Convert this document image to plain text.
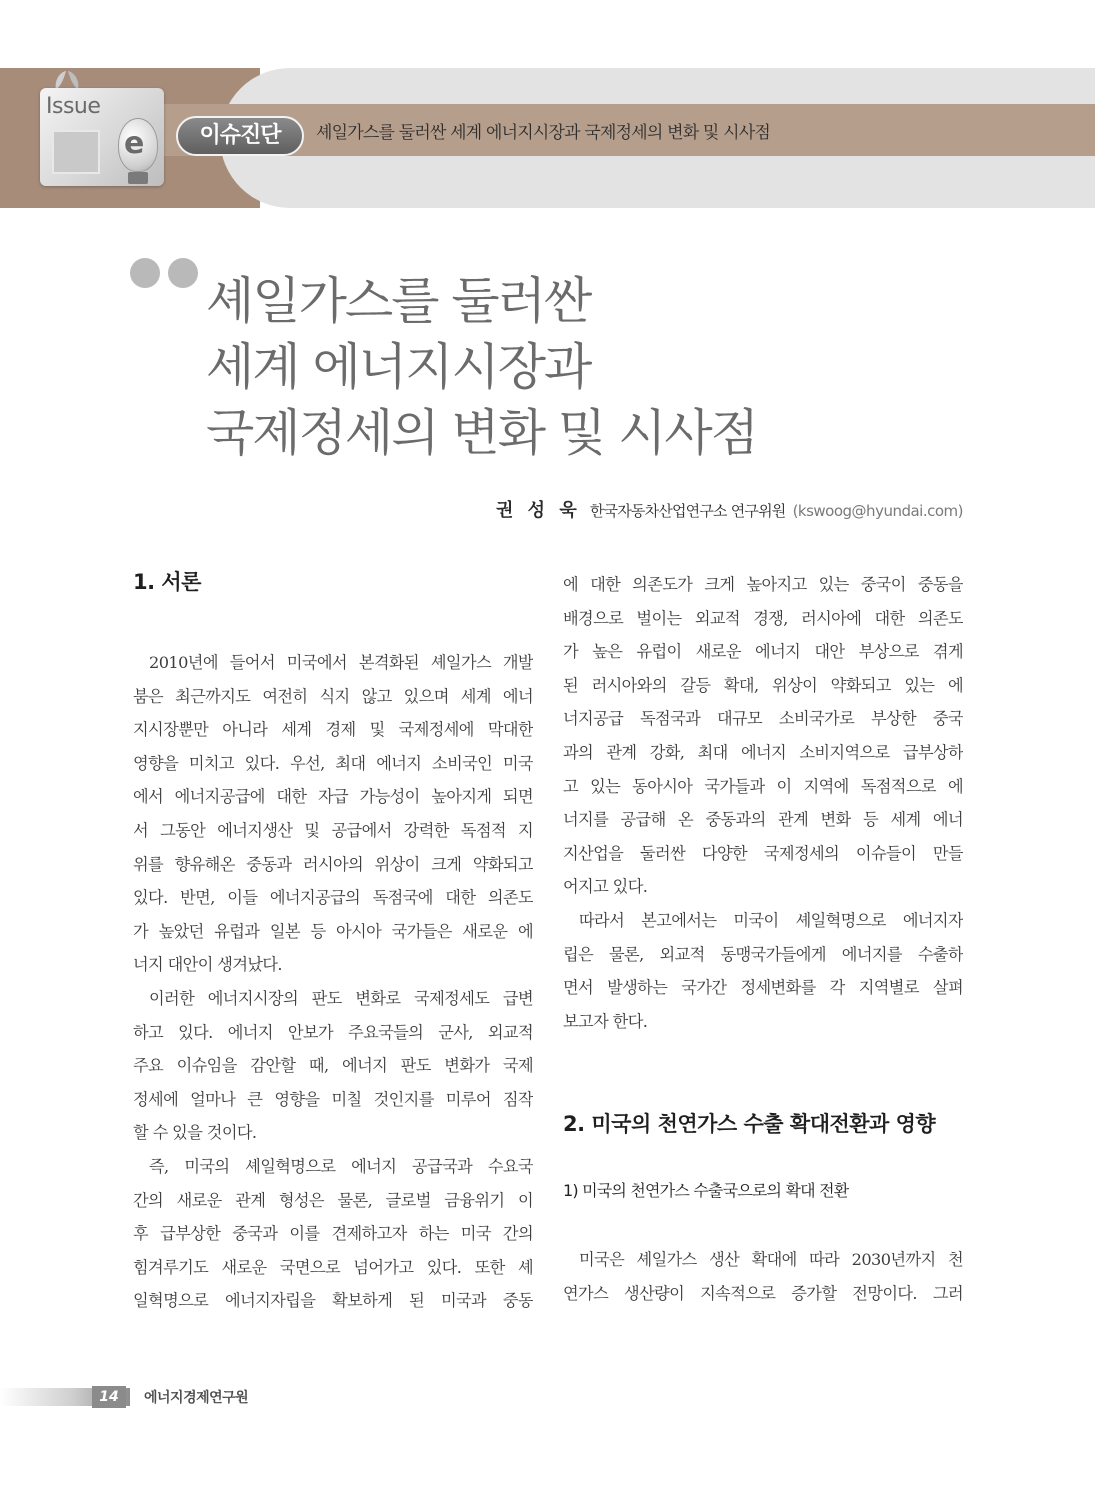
Issue
e	이슈진단	셰일가스를 둘러싼 세계 에너지시장과 국제정세의 변화 및 시사점
셰일가스를 둘러싼
세계 에너지시장과
국제정세의 변화 및 시사점
권 성 욱 한국자동차산업연구소 연구위원 (kswoog@hyundai.com)
1. 서론
2010년에 들어서 미국에서 본격화된 셰일가스 개발
붐은 최근까지도 여전히 식지 않고 있으며 세계 에너
지시장뿐만 아니라 세계 경제 및 국제정세에 막대한
영향을 미치고 있다. 우선, 최대 에너지 소비국인 미국
에서 에너지공급에 대한 자급 가능성이 높아지게 되면
서 그동안 에너지생산 및 공급에서 강력한 독점적 지
위를 향유해온 중동과 러시아의 위상이 크게 약화되고
있다. 반면, 이들 에너지공급의 독점국에 대한 의존도
가 높았던 유럽과 일본 등 아시아 국가들은 새로운 에
너지 대안이 생겨났다.
이러한 에너지시장의 판도 변화로 국제정세도 급변
하고 있다. 에너지 안보가 주요국들의 군사, 외교적
주요 이슈임을 감안할 때, 에너지 판도 변화가 국제
정세에 얼마나 큰 영향을 미칠 것인지를 미루어 짐작
할 수 있을 것이다.
즉, 미국의 셰일혁명으로 에너지 공급국과 수요국
간의 새로운 관계 형성은 물론, 글로벌 금융위기 이
후 급부상한 중국과 이를 견제하고자 하는 미국 간의
힘겨루기도 새로운 국면으로 넘어가고 있다. 또한 셰
일혁명으로 에너지자립을 확보하게 된 미국과 중동
에 대한 의존도가 크게 높아지고 있는 중국이 중동을
배경으로 벌이는 외교적 경쟁, 러시아에 대한 의존도
가 높은 유럽이 새로운 에너지 대안 부상으로 겪게
된 러시아와의 갈등 확대, 위상이 약화되고 있는 에
너지공급 독점국과 대규모 소비국가로 부상한 중국
과의 관계 강화, 최대 에너지 소비지역으로 급부상하
고 있는 동아시아 국가들과 이 지역에 독점적으로 에
너지를 공급해 온 중동과의 관계 변화 등 세계 에너
지산업을 둘러싼 다양한 국제정세의 이슈들이 만들
어지고 있다.
따라서 본고에서는 미국이 셰일혁명으로 에너지자
립은 물론, 외교적 동맹국가들에게 에너지를 수출하
면서 발생하는 국가간 정세변화를 각 지역별로 살펴
보고자 한다.
2. 미국의 천연가스 수출 확대전환과 영향
1) 미국의 천연가스 수출국으로의 확대 전환
미국은 셰일가스 생산 확대에 따라 2030년까지 천
연가스 생산량이 지속적으로 증가할 전망이다. 그러
14	에너지경제연구원
